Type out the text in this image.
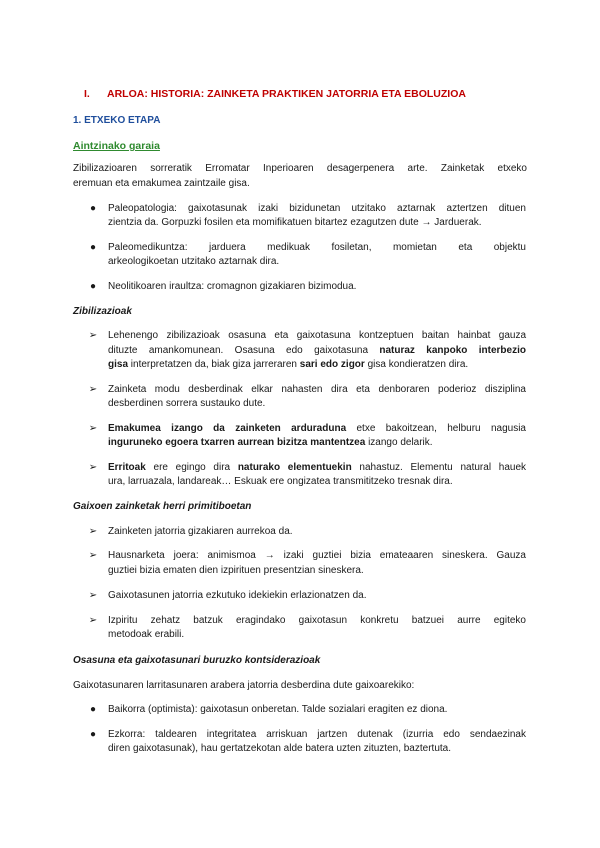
I. ARLOA: HISTORIA: ZAINKETA PRAKTIKEN JATORRIA ETA EBOLUZIOA
1. ETXEKO ETAPA
Aintzinako garaia
Zibilizazioaren sorreratik Erromatar Inperioaren desagerpenera arte. Zainketak etxeko
eremuan eta emakumea zaintzaile gisa.
● Paleopatologia: gaixotasunak izaki bizidunetan utzitako aztarnak aztertzen dituen
zientzia da. Gorpuzki fosilen eta momifikatuen bitartez ezagutzen dute → Jarduerak.
● Paleomedikuntza: jarduera medikuak fosiletan, momietan eta objektu
arkeologikoetan utzitako aztarnak dira.
● Neolitikoaren iraultza: cromagnon gizakiaren bizimodua.
Zibilizazioak
➢ Lehenengo zibilizazioak osasuna eta gaixotasuna kontzeptuen baitan hainbat gauza
dituzte amankomunean. Osasuna edo gaixotasuna naturaz kanpoko interbezio
gisa interpretatzen da, biak giza jarreraren sari edo zigor gisa kondieratzen dira.
➢ Zainketa modu desberdinak elkar nahasten dira eta denboraren poderioz disziplina
desberdinen sorrera sustauko dute.
➢ Emakumea izango da zainketen arduraduna etxe bakoitzean, helburu nagusia
inguruneko egoera txarren aurrean bizitza mantentzea izango delarik.
➢ Erritoak ere egingo dira naturako elementuekin nahastuz. Elementu natural hauek
ura, larruazala, landareak… Eskuak ere ongizatea transmititzeko tresnak dira.
Gaixoen zainketak herri primitiboetan
➢ Zainketen jatorria gizakiaren aurrekoa da.
➢ Hausnarketa joera: animismoa → izaki guztiei bizia emateaaren sineskera. Gauza
guztiei bizia ematen dien izpirituen presentzian sineskera.
➢ Gaixotasunen jatorria ezkutuko idekiekin erlazionatzen da.
➢ Izpiritu zehatz batzuk eragindako gaixotasun konkretu batzuei aurre egiteko
metodoak erabili.
Osasuna eta gaixotasunari buruzko kontsiderazioak
Gaixotasunaren larritasunaren arabera jatorria desberdina dute gaixoarekiko:
● Baikorra (optimista): gaixotasun onberetan. Talde sozialari eragiten ez diona.
● Ezkorra: taldearen integritatea arriskuan jartzen dutenak (izurria edo sendaezinak
diren gaixotasunak), hau gertatzekotan alde batera uzten zituzten, baztertuta.
